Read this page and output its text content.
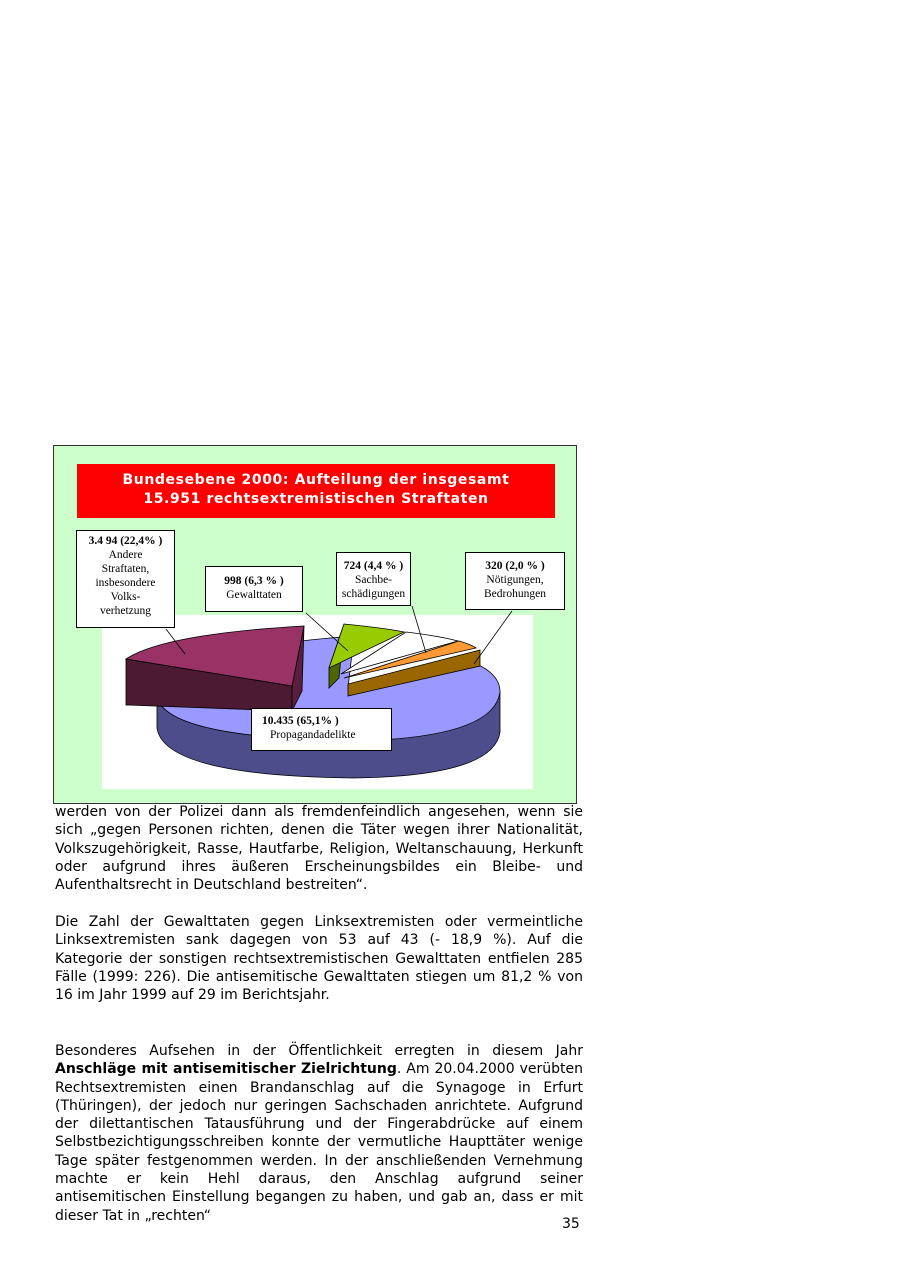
Bundesebene 2000: Aufteilung der insgesamt
15.951 rechtsextremistischen Straftaten
3.4 94 (22,4% )
Andere
Straftaten,
insbesondere
Volks-
verhetzung
998 (6,3 % )
Gewalttaten
724 (4,4 % )
Sachbe-
schädigungen
320 (2,0 % )
Nötigungen,
Bedrohungen
10.435 (65,1% )
Propagandadelikte

werden von der Polizei dann als fremdenfeindlich angesehen, wenn sie sich „gegen Personen richten, denen die Täter wegen ihrer Nationalität, Volkszugehörigkeit, Rasse, Hautfarbe, Religion, Weltanschauung, Herkunft oder aufgrund ihres äußeren Erscheinungsbildes ein Bleibe- und Aufenthaltsrecht in Deutschland bestreiten“.

Die Zahl der Gewalttaten gegen Linksextremisten oder vermeintliche Linksextremisten sank dagegen von 53 auf 43 (- 18,9 %). Auf die Kategorie der sonstigen rechtsextremistischen Gewalttaten entfielen 285 Fälle (1999: 226). Die antisemitische Gewalttaten stiegen um 81,2 % von 16 im Jahr 1999 auf 29 im Berichtsjahr.

Besonderes Aufsehen in der Öffentlichkeit erregten in diesem Jahr Anschläge mit antisemitischer Zielrichtung. Am 20.04.2000 verübten Rechtsextremisten einen Brandanschlag auf die Synagoge in Erfurt (Thüringen), der jedoch nur geringen Sachschaden anrichtete. Aufgrund der dilettantischen Tatausführung und der Fingerabdrücke auf einem Selbstbezichtigungsschreiben konnte der vermutliche Haupttäter wenige Tage später festgenommen werden. In der anschließenden Vernehmung machte er kein Hehl daraus, den Anschlag aufgrund seiner antisemitischen Einstellung begangen zu haben, und gab an, dass er mit dieser Tat in „rechten“

35
